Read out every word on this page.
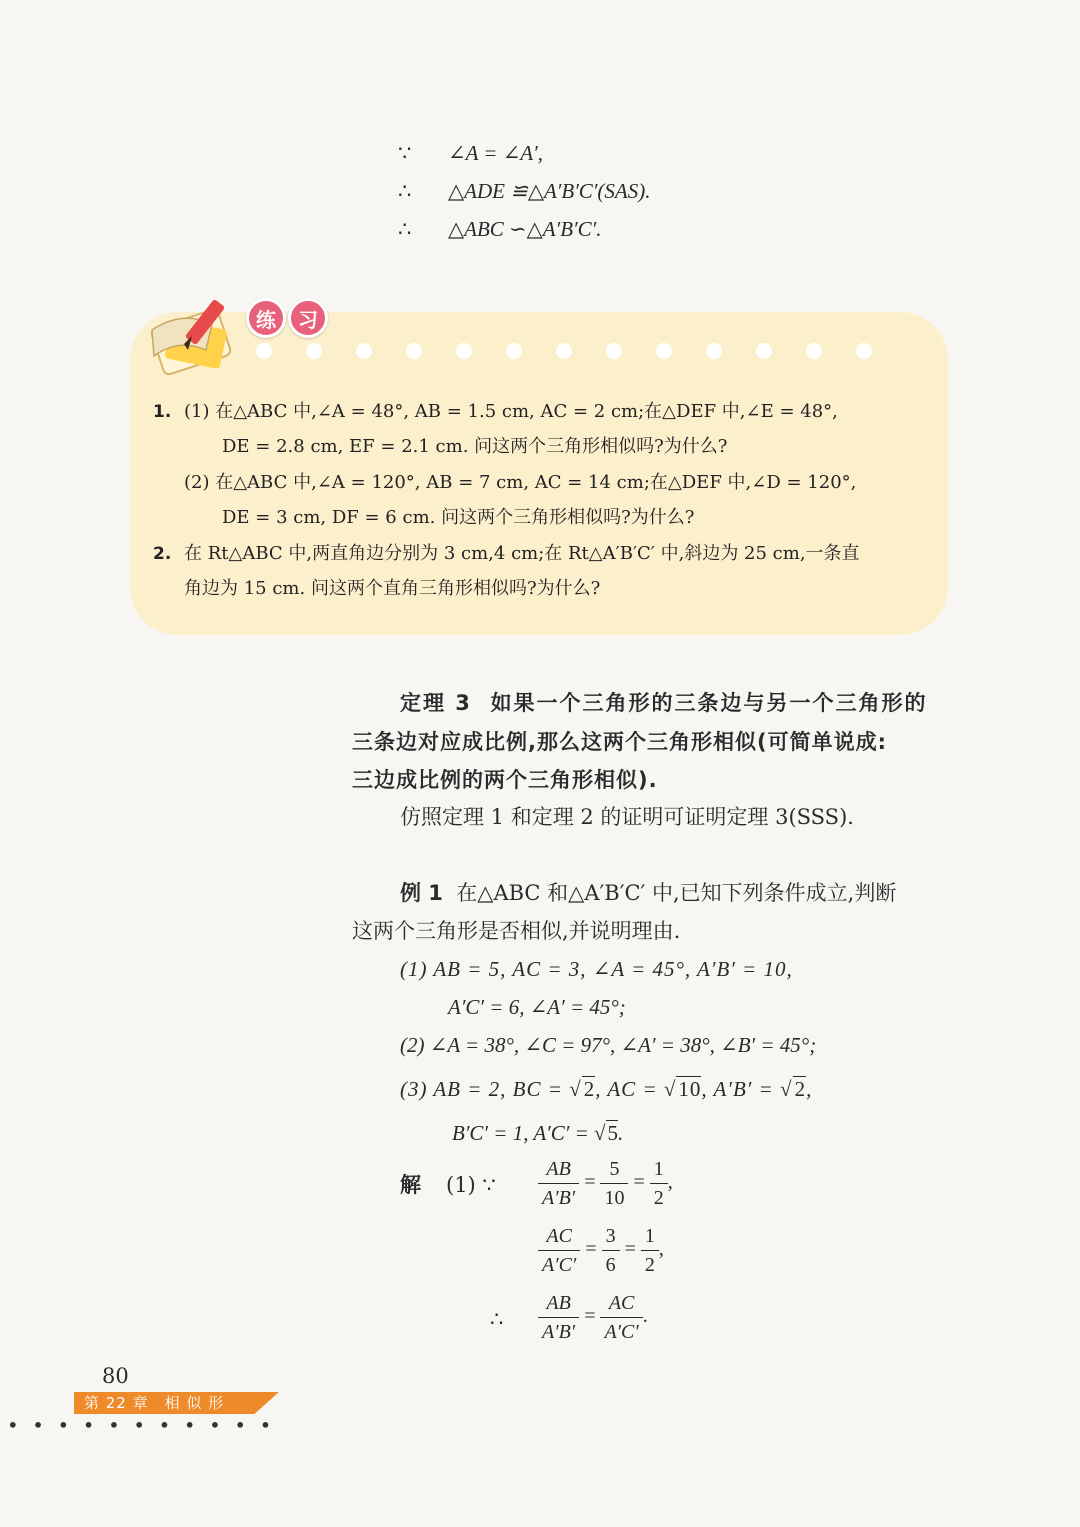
∵ ∠A = ∠A′,
∴ △ADE ≌△A′B′C′(SAS).
∴ △ABC ∽△A′B′C′.
练	习
1. (1) 在△ABC 中,∠A = 48°, AB = 1.5 cm, AC = 2 cm;在△DEF 中,∠E = 48°,
DE = 2.8 cm, EF = 2.1 cm. 问这两个三角形相似吗?为什么?
(2) 在△ABC 中,∠A = 120°, AB = 7 cm, AC = 14 cm;在△DEF 中,∠D = 120°,
DE = 3 cm, DF = 6 cm. 问这两个三角形相似吗?为什么?
2. 在 Rt△ABC 中,两直角边分别为 3 cm,4 cm;在 Rt△A′B′C′ 中,斜边为 25 cm,一条直
角边为 15 cm. 问这两个直角三角形相似吗?为什么?
定理 3 如果一个三角形的三条边与另一个三角形的
三条边对应成比例,那么这两个三角形相似(可简单说成:
三边成比例的两个三角形相似).
仿照定理 1 和定理 2 的证明可证明定理 3(SSS).
例 1 在△ABC 和△A′B′C′ 中,已知下列条件成立,判断
这两个三角形是否相似,并说明理由.
(1) AB = 5, AC = 3, ∠A = 45°, A′B′ = 10,
A′C′ = 6, ∠A′ = 45°;
(2) ∠A = 38°, ∠C = 97°, ∠A′ = 38°, ∠B′ = 45°;
(3) AB = 2, BC = √2, AC = √10, A′B′ = √2,
B′C′ = 1, A′C′ = √5.
解 (1) ∵ $\frac{AB}{A'B'} = \frac{5}{10} = \frac{1}{2}$ ,
$\frac{AC}{A'C'} = \frac{3}{6} = \frac{1}{2}$ ,
∴ $\frac{AB}{A'B'} = \frac{AC}{A'C'}$ .
80
第 22 章　相 似 形
• • • • • • • • • • •
